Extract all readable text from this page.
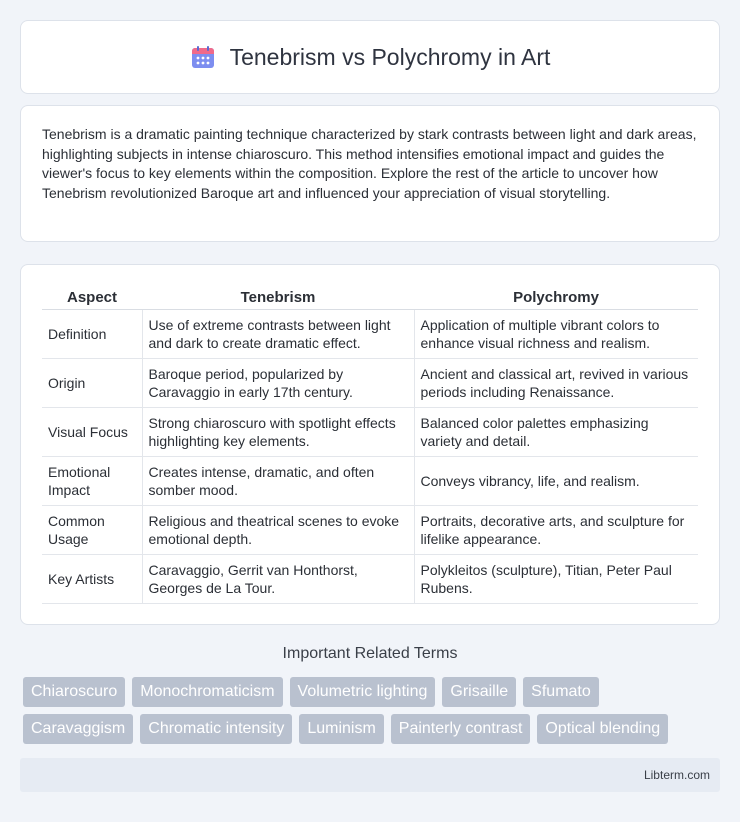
Tenebrism vs Polychromy in Art

Tenebrism is a dramatic painting technique characterized by stark contrasts between light and dark areas, highlighting subjects in intense chiaroscuro. This method intensifies emotional impact and guides the viewer's focus to key elements within the composition. Explore the rest of the article to uncover how Tenebrism revolutionized Baroque art and influenced your appreciation of visual storytelling.

Aspect	Tenebrism	Polychromy
Definition	Use of extreme contrasts between light and dark to create dramatic effect.	Application of multiple vibrant colors to enhance visual richness and realism.
Origin	Baroque period, popularized by Caravaggio in early 17th century.	Ancient and classical art, revived in various periods including Renaissance.
Visual Focus	Strong chiaroscuro with spotlight effects highlighting key elements.	Balanced color palettes emphasizing variety and detail.
Emotional Impact	Creates intense, dramatic, and often somber mood.	Conveys vibrancy, life, and realism.
Common Usage	Religious and theatrical scenes to evoke emotional depth.	Portraits, decorative arts, and sculpture for lifelike appearance.
Key Artists	Caravaggio, Gerrit van Honthorst, Georges de La Tour.	Polykleitos (sculpture), Titian, Peter Paul Rubens.
Important Related Terms
Chiaroscuro	Monochromaticism	Volumetric lighting	Grisaille	Sfumato
Caravaggism	Chromatic intensity	Luminism	Painterly contrast	Optical blending
Libterm.com
